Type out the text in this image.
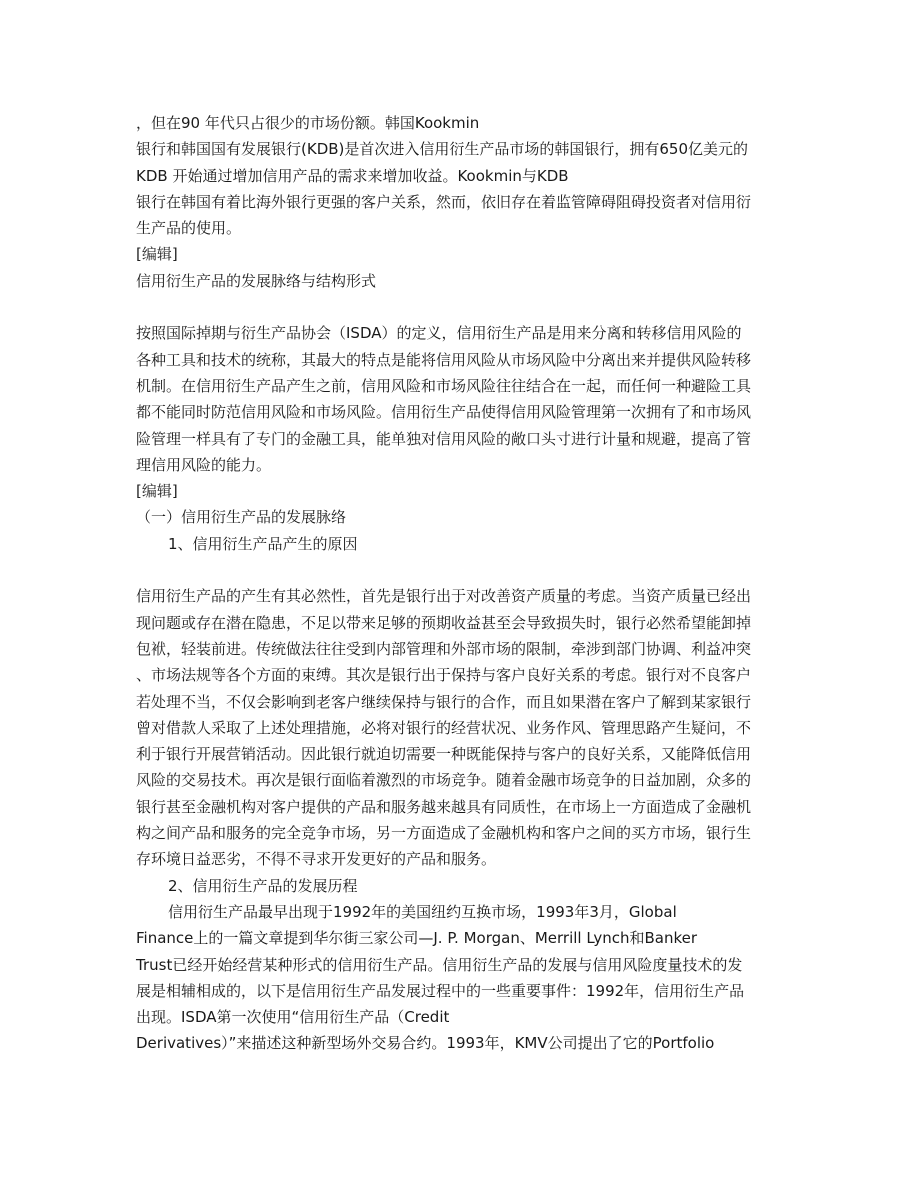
，但在90 年代只占很少的市场份额。韩国Kookmin
银行和韩国国有发展银行(KDB)是首次进入信用衍生产品市场的韩国银行，拥有650亿美元的
KDB 开始通过增加信用产品的需求来增加收益。Kookmin与KDB
银行在韩国有着比海外银行更强的客户关系，然而，依旧存在着监管障碍阻碍投资者对信用衍
生产品的使用。
[编辑]
信用衍生产品的发展脉络与结构形式
按照国际掉期与衍生产品协会（ISDA）的定义，信用衍生产品是用来分离和转移信用风险的
各种工具和技术的统称，其最大的特点是能将信用风险从市场风险中分离出来并提供风险转移
机制。在信用衍生产品产生之前，信用风险和市场风险往往结合在一起，而任何一种避险工具
都不能同时防范信用风险和市场风险。信用衍生产品使得信用风险管理第一次拥有了和市场风
险管理一样具有了专门的金融工具，能单独对信用风险的敞口头寸进行计量和规避，提高了管
理信用风险的能力。
[编辑]
（一）信用衍生产品的发展脉络
1、信用衍生产品产生的原因
信用衍生产品的产生有其必然性，首先是银行出于对改善资产质量的考虑。当资产质量已经出
现问题或存在潜在隐患，不足以带来足够的预期收益甚至会导致损失时，银行必然希望能卸掉
包袱，轻装前进。传统做法往往受到内部管理和外部市场的限制，牵涉到部门协调、利益冲突
、市场法规等各个方面的束缚。其次是银行出于保持与客户良好关系的考虑。银行对不良客户
若处理不当，不仅会影响到老客户继续保持与银行的合作，而且如果潜在客户了解到某家银行
曾对借款人采取了上述处理措施，必将对银行的经营状况、业务作风、管理思路产生疑问，不
利于银行开展营销活动。因此银行就迫切需要一种既能保持与客户的良好关系，又能降低信用
风险的交易技术。再次是银行面临着激烈的市场竞争。随着金融市场竞争的日益加剧，众多的
银行甚至金融机构对客户提供的产品和服务越来越具有同质性，在市场上一方面造成了金融机
构之间产品和服务的完全竞争市场，另一方面造成了金融机构和客户之间的买方市场，银行生
存环境日益恶劣，不得不寻求开发更好的产品和服务。
2、信用衍生产品的发展历程
信用衍生产品最早出现于1992年的美国纽约互换市场，1993年3月，Global
Finance上的一篇文章提到华尔街三家公司—J. P. Morgan、Merrill Lynch和Banker
Trust已经开始经营某种形式的信用衍生产品。信用衍生产品的发展与信用风险度量技术的发
展是相辅相成的，以下是信用衍生产品发展过程中的一些重要事件：1992年，信用衍生产品
出现。ISDA第一次使用“信用衍生产品（Credit
Derivatives）”来描述这种新型场外交易合约。1993年，KMV公司提出了它的Portfolio
